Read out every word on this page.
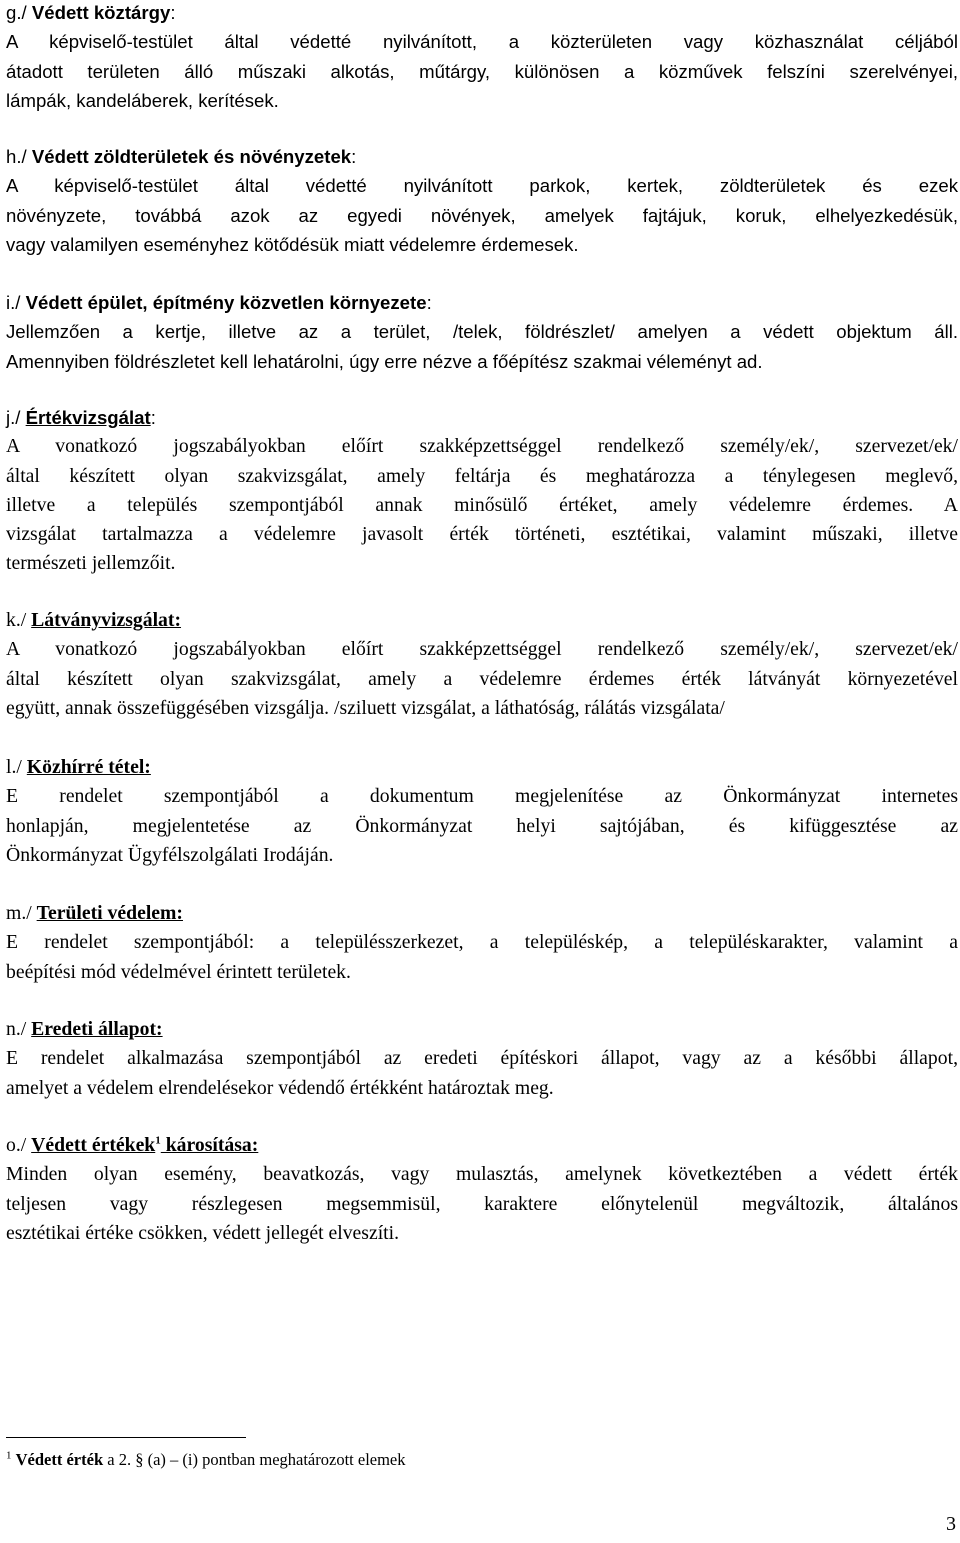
g./ Védett köztárgy:
A képviselő-testület által védetté nyilvánított, a közterületen vagy közhasználat céljából
átadott területen álló műszaki alkotás, műtárgy, különösen a közművek felszíni szerelvényei,
lámpák, kandeláberek, kerítések.
h./ Védett zöldterületek és növényzetek:
A képviselő-testület által védetté nyilvánított parkok, kertek, zöldterületek és ezek
növényzete, továbbá azok az egyedi növények, amelyek fajtájuk, koruk, elhelyezkedésük,
vagy valamilyen eseményhez kötődésük miatt védelemre érdemesek.
i./ Védett épület, építmény közvetlen környezete:
Jellemzően a kertje, illetve az a terület, /telek, földrészlet/ amelyen a védett objektum áll.
Amennyiben földrészletet kell lehatárolni, úgy erre nézve a főépítész szakmai véleményt ad.
j./ Értékvizsgálat:
A vonatkozó jogszabályokban előírt szakképzettséggel rendelkező személy/ek/, szervezet/ek/
által készített olyan szakvizsgálat, amely feltárja és meghatározza a ténylegesen meglevő,
illetve a település szempontjából annak minősülő értéket, amely védelemre érdemes. A
vizsgálat tartalmazza a védelemre javasolt érték történeti, esztétikai, valamint műszaki, illetve
természeti jellemzőit.
k./ Látványvizsgálat:
A vonatkozó jogszabályokban előírt szakképzettséggel rendelkező személy/ek/, szervezet/ek/
által készített olyan szakvizsgálat, amely a védelemre érdemes érték látványát környezetével
együtt, annak összefüggésében vizsgálja. /sziluett vizsgálat, a láthatóság, rálátás vizsgálata/
l./ Közhírré tétel:
E rendelet szempontjából a dokumentum megjelenítése az Önkormányzat internetes
honlapján, megjelentetése az Önkormányzat helyi sajtójában, és kifüggesztése az
Önkormányzat Ügyfélszolgálati Irodáján.
m./ Területi védelem:
E rendelet szempontjából: a településszerkezet, a településkép, a településkarakter, valamint a
beépítési mód védelmével érintett területek.
n./ Eredeti állapot:
E rendelet alkalmazása szempontjából az eredeti építéskori állapot, vagy az a későbbi állapot,
amelyet a védelem elrendelésekor védendő értékként határoztak meg.
o./ Védett értékek$^1$ károsítása:
Minden olyan esemény, beavatkozás, vagy mulasztás, amelynek következtében a védett érték
teljesen vagy részlegesen megsemmisül, karaktere előnytelenül megváltozik, általános
esztétikai értéke csökken, védett jellegét elveszíti.
$^1$ Védett érték a 2. § (a) – (i) pontban meghatározott elemek
3
